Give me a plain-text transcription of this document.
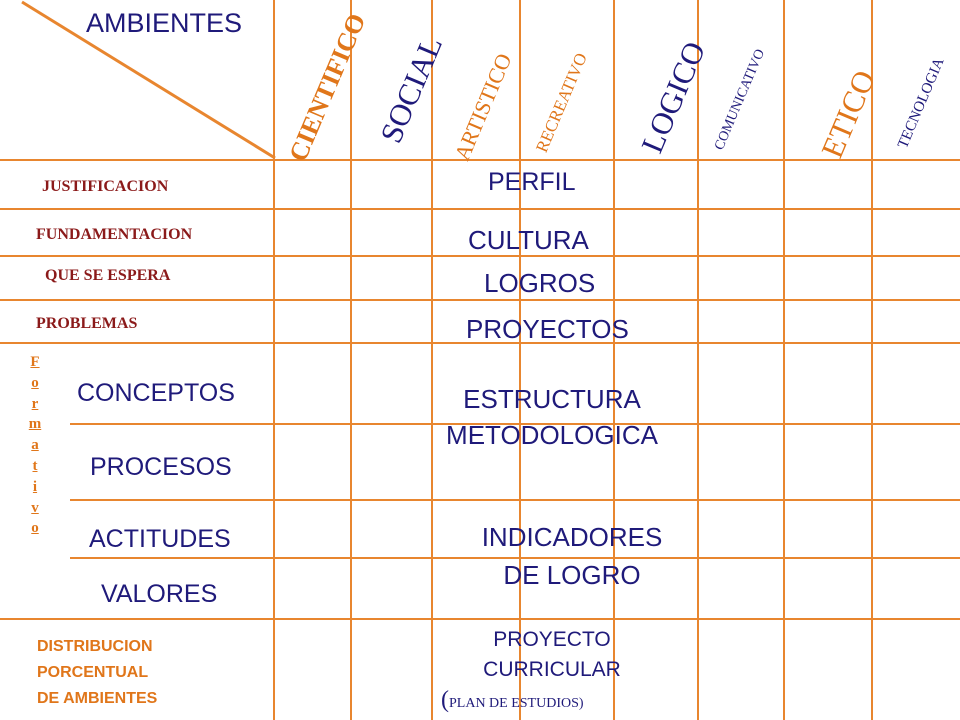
AMBIENTES CIENTIFICO SOCIAL ARTISTICO RECREATIVO LOGICO COMUNICATIVO ETICO TECNOLOGIA
JUSTIFICACION
FUNDAMENTACION
QUE SE ESPERA
PROBLEMAS
CONCEPTOS
PROCESOS
ACTITUDES
VALORES
DISTRIBUCION
PORCENTUAL
DE AMBIENTES
F
o
r
m
a
t
i
v
o
PERFIL
CULTURA
LOGROS
PROYECTOS
ESTRUCTURA
METODOLOGICA
INDICADORES
DE LOGRO
PROYECTO
CURRICULAR
(PLAN DE ESTUDIOS)
